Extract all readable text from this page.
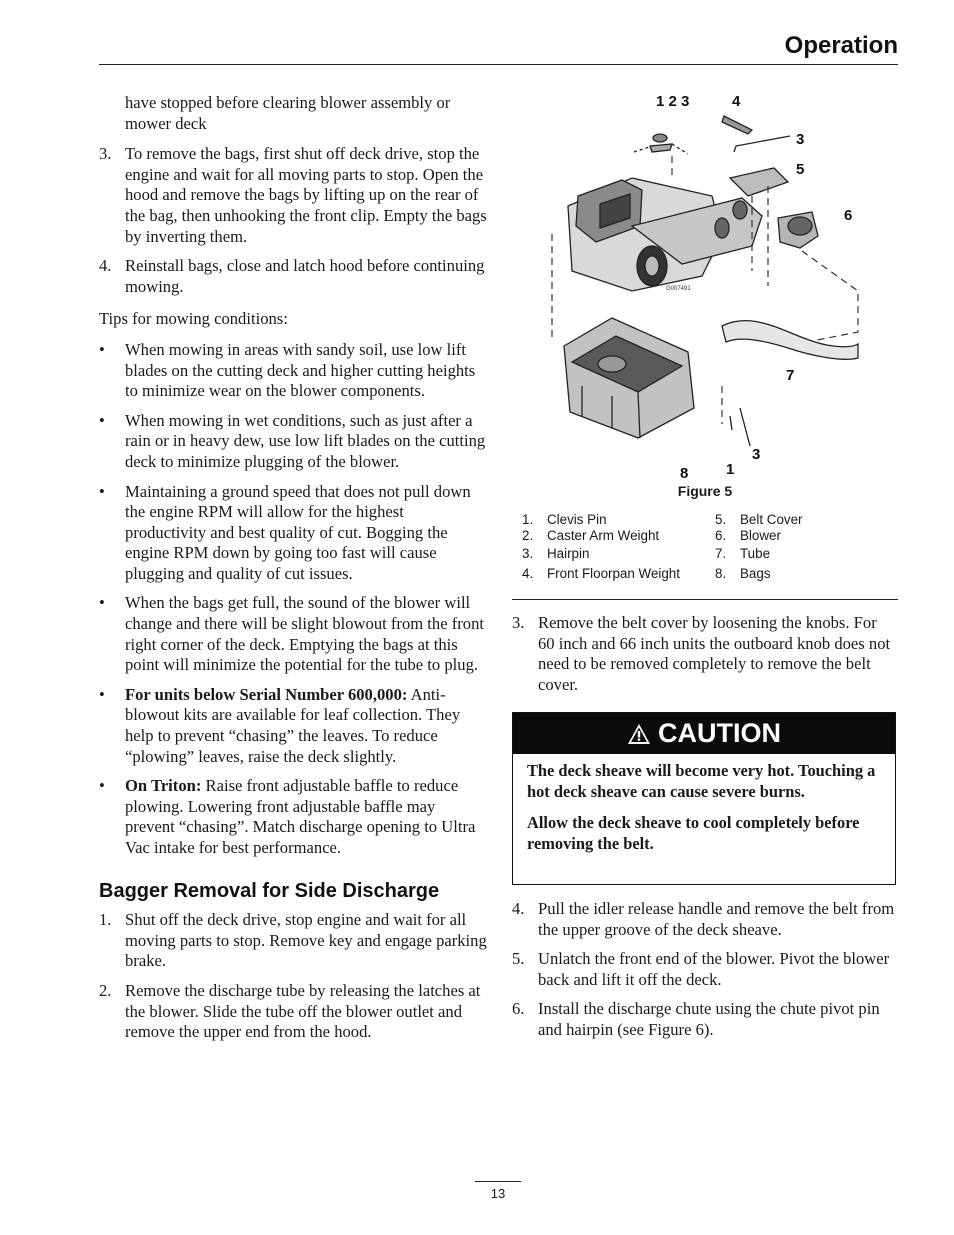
Operation

have stopped before clearing blower assembly or mower deck

3. To remove the bags, first shut off deck drive, stop the engine and wait for all moving parts to stop. Open the hood and remove the bags by lifting up on the rear of the bag, then unhooking the front clip. Empty the bags by inverting them.
4. Reinstall bags, close and latch hood before continuing mowing.

Tips for mowing conditions:

• When mowing in areas with sandy soil, use low lift blades on the cutting deck and higher cutting heights to minimize wear on the blower components.
• When mowing in wet conditions, such as just after a rain or in heavy dew, use low lift blades on the cutting deck to minimize plugging of the blower.
• Maintaining a ground speed that does not pull down the engine RPM will allow for the highest productivity and best quality of cut. Bogging the engine RPM down by going too fast will cause plugging and quality of cut issues.
• When the bags get full, the sound of the blower will change and there will be slight blowout from the front right corner of the deck. Emptying the bags at this point will minimize the potential for the tube to plug.
• For units below Serial Number 600,000: Anti-blowout kits are available for leaf collection. They help to prevent “chasing” the leaves. To reduce “plowing” leaves, raise the deck slightly.
• On Triton: Raise front adjustable baffle to reduce plowing. Lowering front adjustable baffle may prevent “chasing”. Match discharge opening to Ultra Vac intake for best performance.
Bagger Removal for Side Discharge
1. Shut off the deck drive, stop engine and wait for all moving parts to stop. Remove key and engage parking brake.
2. Remove the discharge tube by releasing the latches at the blower. Slide the tube off the blower outlet and remove the upper end from the hood.
G007491
1 2 3	4
3
5
6
7
3
8	1
Figure 5
1.	Clevis Pin	5.	Belt Cover
2.	Caster Arm Weight	6.	Blower
3.	Hairpin	7.	Tube
4.	Front Floorpan Weight	8.	Bags
3. Remove the belt cover by loosening the knobs. For 60 inch and 66 inch units the outboard knob does not need to be removed completely to remove the belt cover.
CAUTION

The deck sheave will become very hot. Touching a hot deck sheave can cause severe burns.

Allow the deck sheave to cool completely before removing the belt.

4. Pull the idler release handle and remove the belt from the upper groove of the deck sheave.
5. Unlatch the front end of the blower. Pivot the blower back and lift it off the deck.
6. Install the discharge chute using the chute pivot pin and hairpin (see Figure 6).
13
